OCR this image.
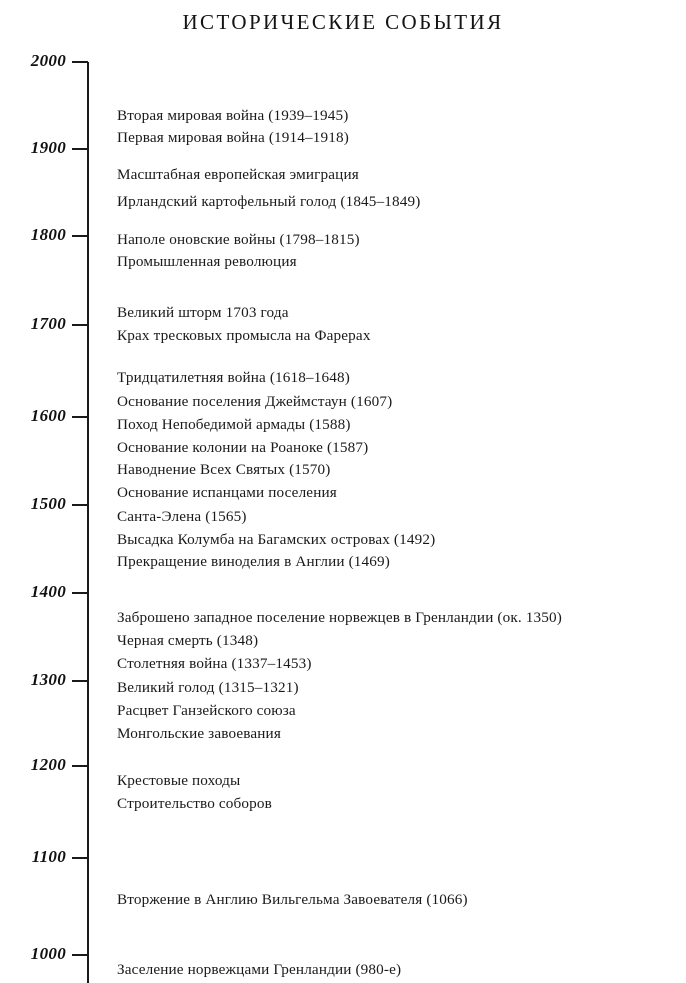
ИСТОРИЧЕСКИЕ СОБЫТИЯ
2000
1900
1800
1700
1600
1500
1400
1300
1200
1100
1000
Вторая мировая война (1939–1945)
Первая мировая война (1914–1918)
Масштабная европейская эмиграция
Ирландский картофельный голод (1845–1849)
Наполе оновские войны (1798–1815)
Промышленная революция
Великий шторм 1703 года
Крах тресковых промысла на Фарерах
Тридцатилетняя война (1618–1648)
Основание поселения Джеймстаун (1607)
Поход Непобедимой армады (1588)
Основание колонии на Роаноке (1587)
Наводнение Всех Святых (1570)
Основание испанцами поселения
Санта-Элена (1565)
Высадка Колумба на Багамских островах (1492)
Прекращение виноделия в Англии (1469)
Заброшено западное поселение норвежцев в Гренландии (ок. 1350)
Черная смерть (1348)
Столетняя война (1337–1453)
Великий голод (1315–1321)
Расцвет Ганзейского союза
Монгольские завоевания
Крестовые походы
Строительство соборов
Вторжение в Англию Вильгельма Завоевателя (1066)
Заселение норвежцами Гренландии (980-е)
